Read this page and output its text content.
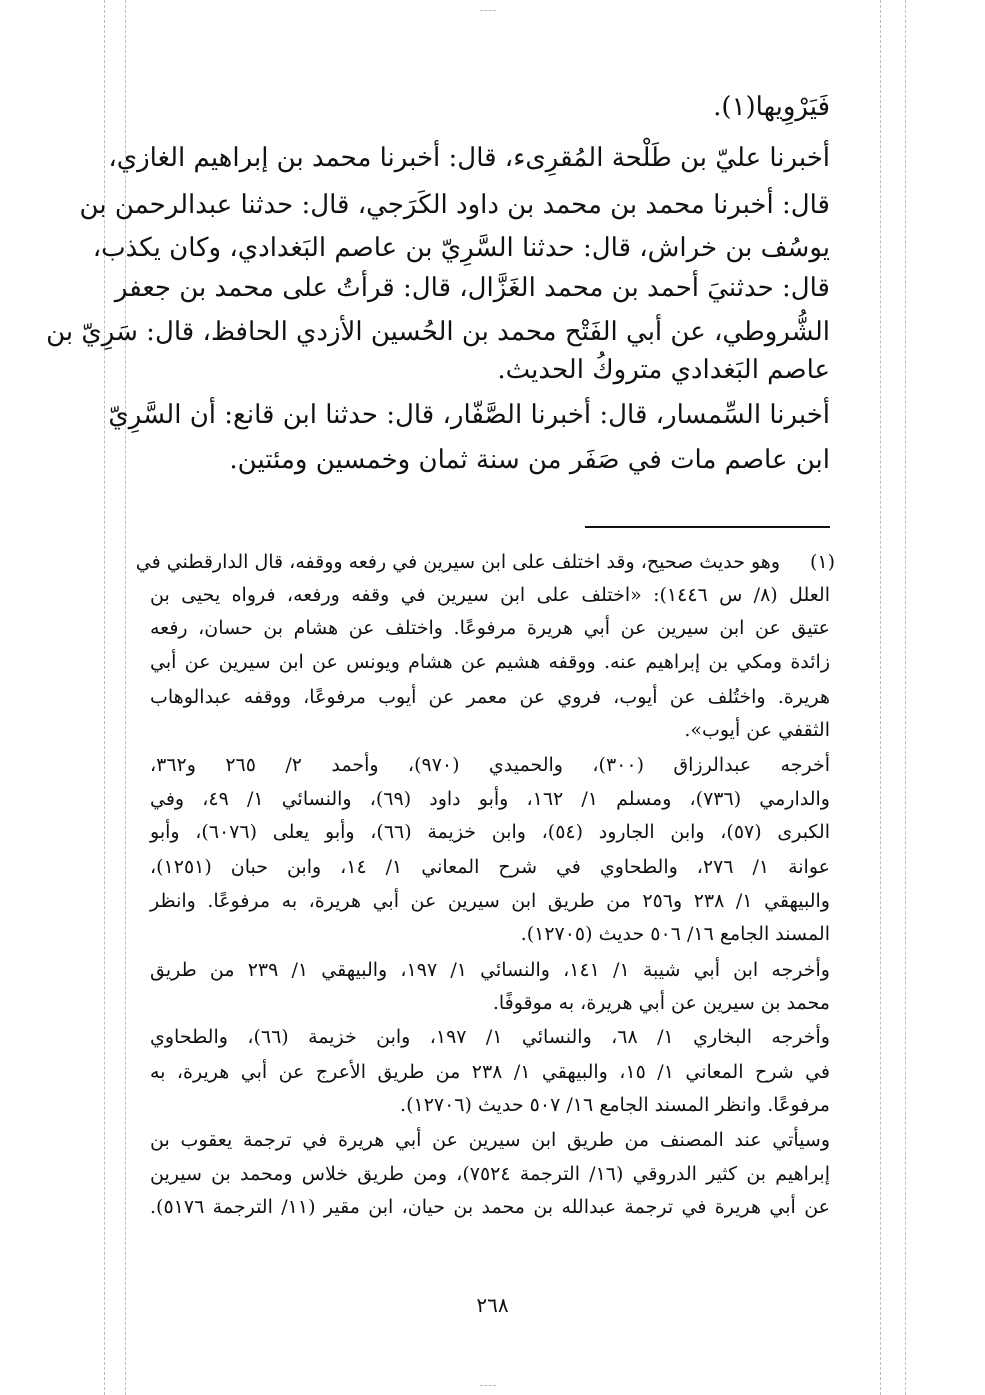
فَيَرْوِيها(١).
أخبرنا عليّ بن طَلْحة المُقرِىء، قال: أخبرنا محمد بن إبراهيم الغازي،
قال: أخبرنا محمد بن محمد بن داود الكَرَجي، قال: حدثنا عبدالرحمن بن
يوسُف بن خراش، قال: حدثنا السَّرِيّ بن عاصم البَغدادي، وكان يكذب،
قال: حدثنيَ أحمد بن محمد الغَزَّال، قال: قرأتُ على محمد بن جعفر
الشُّروطي، عن أبي الفَتْح محمد بن الحُسين الأزدي الحافظ، قال: سَرِيّ بن
عاصم البَغدادي متروكُ الحديث.
أخبرنا السِّمسار، قال: أخبرنا الصَّفّار، قال: حدثنا ابن قانع: أن السَّرِيّ
ابن عاصم مات في صَفَر من سنة ثمان وخمسين ومئتين.
(١)
وهو حديث صحيح، وقد اختلف على ابن سيرين في رفعه ووقفه، قال الدارقطني في
العلل (٨/ س ١٤٤٦): «اختلف على ابن سيرين في وقفه ورفعه، فرواه يحيى بن
عتيق عن ابن سيرين عن أبي هريرة مرفوعًا. واختلف عن هشام بن حسان، رفعه
زائدة ومكي بن إبراهيم عنه. ووقفه هشيم عن هشام ويونس عن ابن سيرين عن أبي
هريرة. واختُلف عن أيوب، فروي عن معمر عن أيوب مرفوعًا، ووقفه عبدالوهاب
الثقفي عن أيوب».
أخرجه عبدالرزاق (٣٠٠)، والحميدي (٩٧٠)، وأحمد ٢/ ٢٦٥ و٣٦٢،
والدارمي (٧٣٦)، ومسلم ١/ ١٦٢، وأبو داود (٦٩)، والنسائي ١/ ٤٩، وفي
الكبرى (٥٧)، وابن الجارود (٥٤)، وابن خزيمة (٦٦)، وأبو يعلى (٦٠٧٦)، وأبو
عوانة ١/ ٢٧٦، والطحاوي في شرح المعاني ١/ ١٤، وابن حبان (١٢٥١)،
والبيهقي ١/ ٢٣٨ و٢٥٦ من طريق ابن سيرين عن أبي هريرة، به مرفوعًا. وانظر
المسند الجامع ١٦/ ٥٠٦ حديث (١٢٧٠٥).
وأخرجه ابن أبي شيبة ١/ ١٤١، والنسائي ١/ ١٩٧، والبيهقي ١/ ٢٣٩ من طريق
محمد بن سيرين عن أبي هريرة، به موقوفًا.
وأخرجه البخاري ١/ ٦٨، والنسائي ١/ ١٩٧، وابن خزيمة (٦٦)، والطحاوي
في شرح المعاني ١/ ١٥، والبيهقي ١/ ٢٣٨ من طريق الأعرج عن أبي هريرة، به
مرفوعًا. وانظر المسند الجامع ١٦/ ٥٠٧ حديث (١٢٧٠٦).
وسيأتي عند المصنف من طريق ابن سيرين عن أبي هريرة في ترجمة يعقوب بن
إبراهيم بن كثير الدروقي (١٦/ الترجمة ٧٥٢٤)، ومن طريق خلاس ومحمد بن سيرين
عن أبي هريرة في ترجمة عبدالله بن محمد بن حيان، ابن مقير (١١/ الترجمة ٥١٧٦).
٢٦٨
